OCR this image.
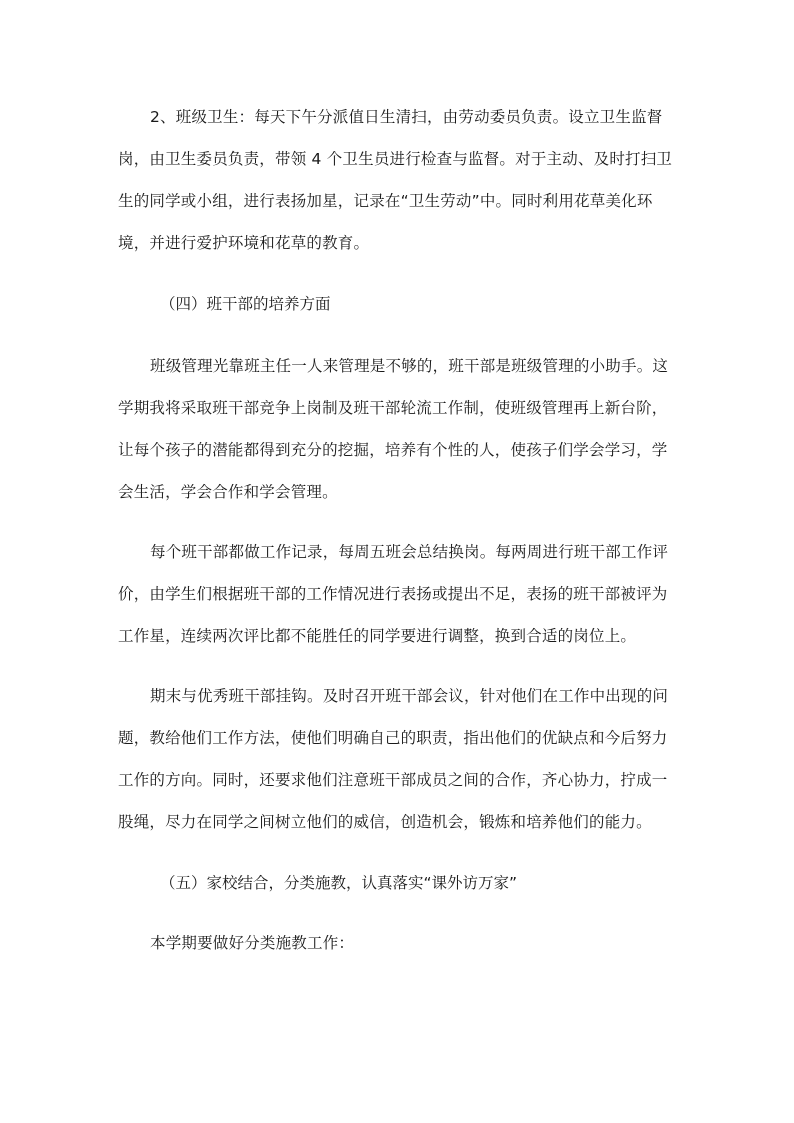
2、班级卫生：每天下午分派值日生清扫，由劳动委员负责。设立卫生监督
岗，由卫生委员负责，带领 4 个卫生员进行检查与监督。对于主动、及时打扫卫
生的同学或小组，进行表扬加星，记录在“卫生劳动”中。同时利用花草美化环
境，并进行爱护环境和花草的教育。

（四）班干部的培养方面

班级管理光靠班主任一人来管理是不够的，班干部是班级管理的小助手。这
学期我将采取班干部竞争上岗制及班干部轮流工作制，使班级管理再上新台阶，
让每个孩子的潜能都得到充分的挖掘，培养有个性的人，使孩子们学会学习，学
会生活，学会合作和学会管理。

每个班干部都做工作记录，每周五班会总结换岗。每两周进行班干部工作评
价，由学生们根据班干部的工作情况进行表扬或提出不足，表扬的班干部被评为
工作星，连续两次评比都不能胜任的同学要进行调整，换到合适的岗位上。

期末与优秀班干部挂钩。及时召开班干部会议，针对他们在工作中出现的问
题，教给他们工作方法，使他们明确自己的职责，指出他们的优缺点和今后努力
工作的方向。同时，还要求他们注意班干部成员之间的合作，齐心协力，拧成一
股绳，尽力在同学之间树立他们的威信，创造机会，锻炼和培养他们的能力。

（五）家校结合，分类施教，认真落实“课外访万家”

本学期要做好分类施教工作：
